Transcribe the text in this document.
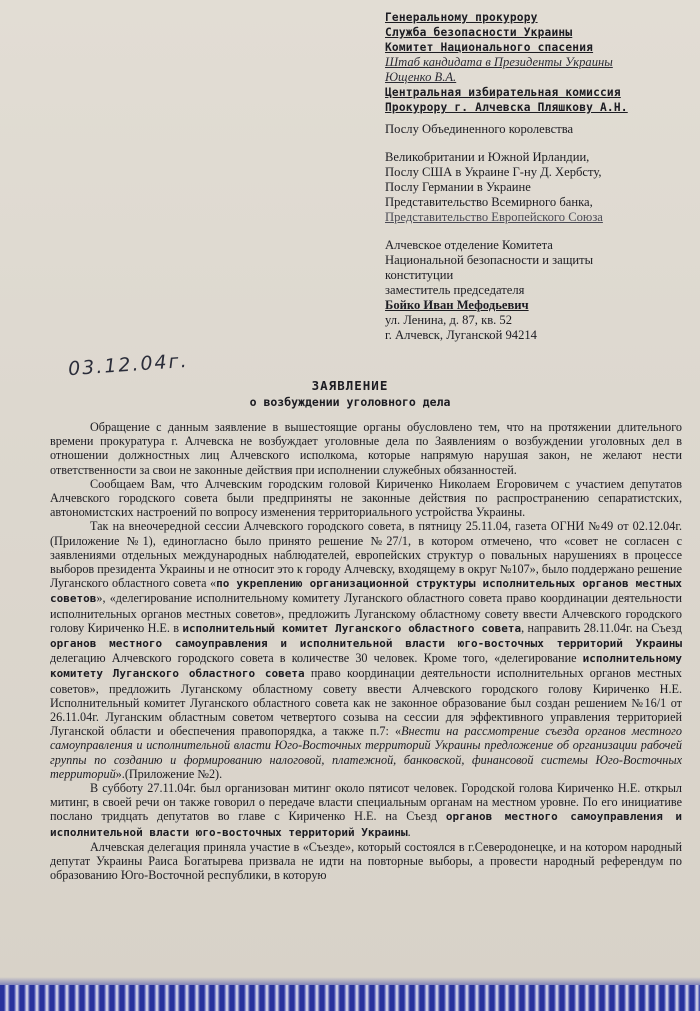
Генеральному прокурору
Служба безопасности Украины
Комитет Национального спасения
Штаб кандидата в Президенты Украины
Ющенко В.А.
Центральная избирательная комиссия
Прокурору г. Алчевска Пляшкову А.Н.
Послу Объединенного королевства
Великобритании и Южной Ирландии,
Послу США в Украине Г-ну Д. Хербсту,
Послу Германии в Украине
Представительство Всемирного банка,
Представительство Европейского Союза
Алчевское отделение Комитета
Национальной безопасности и защиты
конституции
заместитель председателя
Бойко Иван Мефодьевич
ул. Ленина, д. 87, кв. 52
г. Алчевск, Луганской 94214
03.12.04г.
ЗАЯВЛЕНИЕ
о возбуждении уголовного дела

Обращение с данным заявление в вышестоящие органы обусловлено тем, что на протяжении длительного времени прокуратура г. Алчевска не возбуждает уголовные дела по Заявлениям о возбуждении уголовных дел в отношении должностных лиц Алчевского исполкома, которые напрямую нарушая закон, не желают нести ответственности за свои не законные действия при исполнении служебных обязанностей.

Сообщаем Вам, что Алчевским городским головой Кириченко Николаем Егоровичем с участием депутатов Алчевского городского совета были предприняты не законные действия по распространению сепаратистских, автономистских настроений по вопросу изменения территориального устройства Украины.

Так на внеочередной сессии Алчевского городского совета, в пятницу 25.11.04, газета ОГНИ №49 от 02.12.04г. (Приложение №1), единогласно было принято решение №27/1, в котором отмечено, что «совет не согласен с заявлениями отдельных международных наблюдателей, европейских структур о повальных нарушениях в процессе выборов президента Украины и не относит это к городу Алчевску, входящему в округ №107», было поддержано решение Луганского областного совета «по укреплению организационной структуры исполнительных органов местных советов», «делегирование исполнительному комитету Луганского областного совета право координации деятельности исполнительных органов местных советов», предложить Луганскому областному совету ввести Алчевского городского голову Кириченко Н.Е. в исполнительный комитет Луганского областного совета, направить 28.11.04г. на Съезд органов местного самоуправления и исполнительной власти юго-восточных территорий Украины делегацию Алчевского городского совета в количестве 30 человек. Кроме того, «делегирование исполнительному комитету Луганского областного совета право координации деятельности исполнительных органов местных советов», предложить Луганскому областному совету ввести Алчевского городского голову Кириченко Н.Е. Исполнительный комитет Луганского областного совета как не законное образование был создан решением №16/1 от 26.11.04г. Луганским областным советом четвертого созыва на сессии для эффективного управления территорией Луганской области и обеспечения правопорядка, а также п.7: «Внести на рассмотрение съезда органов местного самоуправления и исполнительной власти Юго-Восточных территорий Украины предложение об организации рабочей группы по созданию и формированию налоговой, платежной, банковской, финансовой системы Юго-Восточных территорий».(Приложение №2).

В субботу 27.11.04г. был организован митинг около пятисот человек. Городской голова Кириченко Н.Е. открыл митинг, в своей речи он также говорил о передаче власти специальным органам на местном уровне. По его инициативе послано тридцать депутатов во главе с Кириченко Н.Е. на Съезд органов местного самоуправления и исполнительной власти юго-восточных территорий Украины.

Алчевская делегация приняла участие в «Съезде», который состоялся в г.Северодонецке, и на котором народный депутат Украины Раиса Богатырева призвала не идти на повторные выборы, а провести народный референдум по образованию Юго-Восточной республики, в которую
